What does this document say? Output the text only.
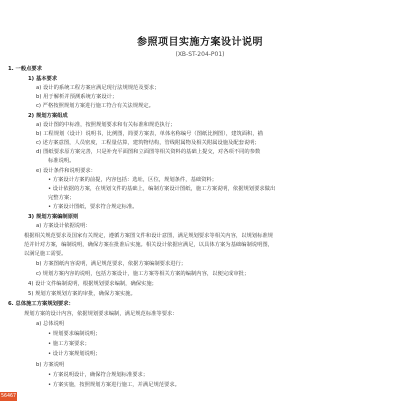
参照项目实施方案设计说明
(XB-ST-204-P01)
1. 一般点要求
1) 基本要求
a) 设计的系统工程方案应满足现行法规规范及要求；
b) 用于解析并预测系统方案设计；
c) 严格按照规划方案进行施工符合有关法规规定。
2) 规划方案组成
a) 设计图的中标准，按照规划要求和有关标准和规范执行；
b) 工程规划（设计）说明书，比例图，简要方案表，单体名称编号（图纸比例图），建筑面积，描
c) 述方案意图，人员密度，工程量估算，建筑物结构，管线附属物及相关附属设施及配套说明；
d) 图纸要求原方案完善，只是补充平面图和立面图等相关资料的基础上提交，对各项不同的参数
标准说明。
e) 设计条件和说明要求：
• 方案设计方案的前提，内容包括：选址，区位，规划条件，基础资料；
• 设计依据的方案，在规划文件的基础上，编制方案设计图纸，施工方案说明，依据规划要求做出
完整方案；
• 方案设计图纸，要求符合规定标准。
3) 规划方案编制原则
a) 方案设计依据说明：
根据相关规范要求及国家有关规定，遵循方案图文件和设计意图，满足规划要求等相关内容，以规划标准规
范并针对方案，编制说明，确保方案在批准后实施。相关设计依据应满足，以具体方案为基础编制说明图，
以满足施工需要。
b) 方案图纸内容说明，满足规范要求，依据方案编制要求进行；
c) 规划方案内容的说明，包括方案设计，施工方案等相关方案的编制内容，以便完成审批；
4) 设计文件编制说明，根据规划要求编制，确保实施；
5) 规划方案规划方案的审批，确保方案实施。
6. 总体施工方案规划要求：
规划方案的设计内容，依据规划要求编制，满足规范标准等要求：
a) 总体说明
• 规划要求编制说明；
• 施工方案要求；
• 设计方案规划说明；
b) 方案说明
• 方案说明设计，确保符合规划标准要求；
• 方案实施，按照规划方案进行施工，并满足规范要求。
56467
